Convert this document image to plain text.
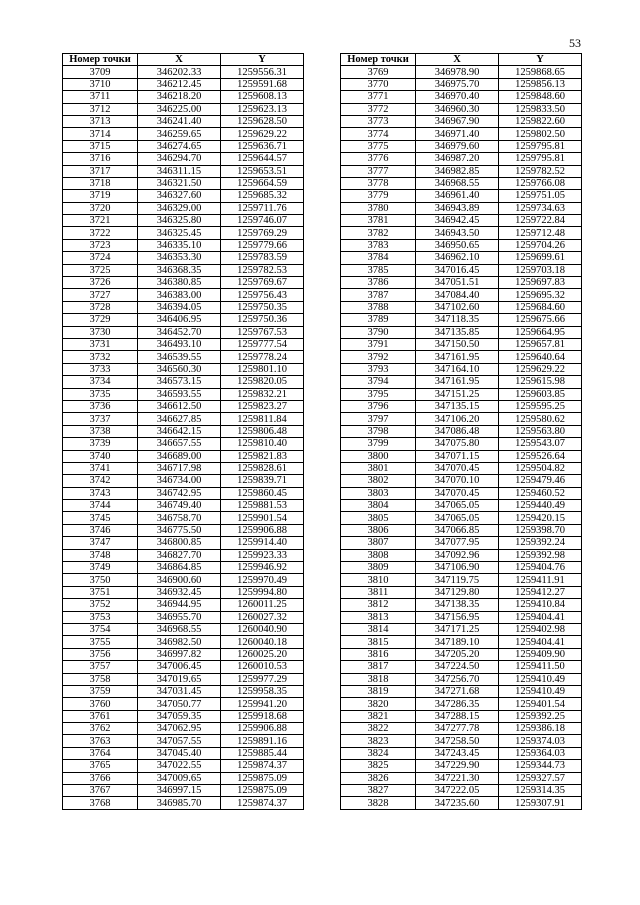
53
Номер точки	X	Y
3709	346202.33	1259556.31
3710	346212.45	1259591.68
3711	346218.20	1259608.13
3712	346225.00	1259623.13
3713	346241.40	1259628.50
3714	346259.65	1259629.22
3715	346274.65	1259636.71
3716	346294.70	1259644.57
3717	346311.15	1259653.51
3718	346321.50	1259664.59
3719	346327.60	1259685.32
3720	346329.00	1259711.76
3721	346325.80	1259746.07
3722	346325.45	1259769.29
3723	346335.10	1259779.66
3724	346353.30	1259783.59
3725	346368.35	1259782.53
3726	346380.85	1259769.67
3727	346383.00	1259756.43
3728	346394.05	1259750.35
3729	346406.95	1259750.36
3730	346452.70	1259767.53
3731	346493.10	1259777.54
3732	346539.55	1259778.24
3733	346560.30	1259801.10
3734	346573.15	1259820.05
3735	346593.55	1259832.21
3736	346612.50	1259823.27
3737	346627.85	1259811.84
3738	346642.15	1259806.48
3739	346657.55	1259810.40
3740	346689.00	1259821.83
3741	346717.98	1259828.61
3742	346734.00	1259839.71
3743	346742.95	1259860.45
3744	346749.40	1259881.53
3745	346758.70	1259901.54
3746	346775.50	1259906.88
3747	346800.85	1259914.40
3748	346827.70	1259923.33
3749	346864.85	1259946.92
3750	346900.60	1259970.49
3751	346932.45	1259994.80
3752	346944.95	1260011.25
3753	346955.70	1260027.32
3754	346968.55	1260040.90
3755	346982.50	1260040.18
3756	346997.82	1260025.20
3757	347006.45	1260010.53
3758	347019.65	1259977.29
3759	347031.45	1259958.35
3760	347050.77	1259941.20
3761	347059.35	1259918.68
3762	347062.95	1259906.88
3763	347057.55	1259891.16
3764	347045.40	1259885.44
3765	347022.55	1259874.37
3766	347009.65	1259875.09
3767	346997.15	1259875.09
3768	346985.70	1259874.37
Номер точки	X	Y
3769	346978.90	1259868.65
3770	346975.70	1259856.13
3771	346970.40	1259848.60
3772	346960.30	1259833.50
3773	346967.90	1259822.60
3774	346971.40	1259802.50
3775	346979.60	1259795.81
3776	346987.20	1259795.81
3777	346982.85	1259782.52
3778	346968.55	1259766.08
3779	346961.40	1259751.05
3780	346943.89	1259734.63
3781	346942.45	1259722.84
3782	346943.50	1259712.48
3783	346950.65	1259704.26
3784	346962.10	1259699.61
3785	347016.45	1259703.18
3786	347051.51	1259697.83
3787	347084.40	1259695.32
3788	347102.60	1259684.60
3789	347118.35	1259675.66
3790	347135.85	1259664.95
3791	347150.50	1259657.81
3792	347161.95	1259640.64
3793	347164.10	1259629.22
3794	347161.95	1259615.98
3795	347151.25	1259603.85
3796	347135.15	1259595.25
3797	347106.20	1259580.62
3798	347086.48	1259563.80
3799	347075.80	1259543.07
3800	347071.15	1259526.64
3801	347070.45	1259504.82
3802	347070.10	1259479.46
3803	347070.45	1259460.52
3804	347065.05	1259440.49
3805	347065.05	1259420.15
3806	347066.85	1259398.70
3807	347077.95	1259392.24
3808	347092.96	1259392.98
3809	347106.90	1259404.76
3810	347119.75	1259411.91
3811	347129.80	1259412.27
3812	347138.35	1259410.84
3813	347156.95	1259404.41
3814	347171.25	1259402.98
3815	347189.10	1259404.41
3816	347205.20	1259409.90
3817	347224.50	1259411.50
3818	347256.70	1259410.49
3819	347271.68	1259410.49
3820	347286.35	1259401.54
3821	347288.15	1259392.25
3822	347277.78	1259386.18
3823	347258.50	1259374.03
3824	347243.45	1259364.03
3825	347229.90	1259344.73
3826	347221.30	1259327.57
3827	347222.05	1259314.35
3828	347235.60	1259307.91
